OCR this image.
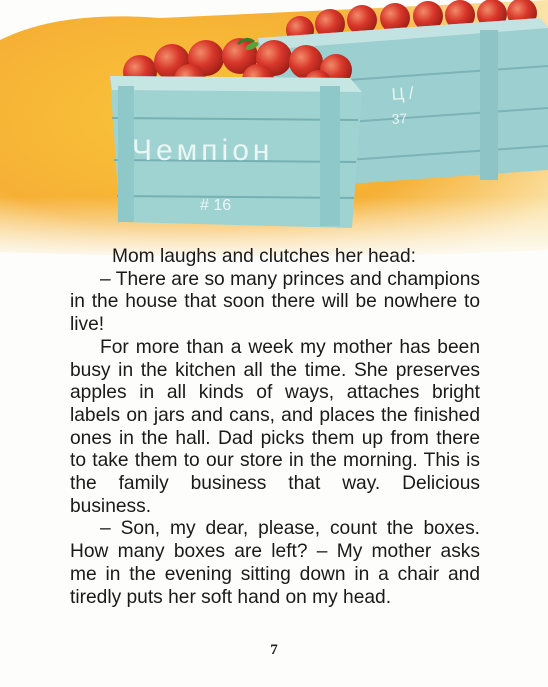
Ц /
37
Чемпіон
# 16

Mom laughs and clutches her head:

– There are so many princes and champions in the house that soon there will be nowhere to live!

For more than a week my mother has been busy in the kitchen all the time. She preserves apples in all kinds of ways, attaches bright labels on jars and cans, and places the finished ones in the hall. Dad picks them up from there to take them to our store in the morning. This is the family business that way. Delicious business.

– Son, my dear, please, count the boxes. How many boxes are left? – My mother asks me in the evening sitting down in a chair and tiredly puts her soft hand on my head.

7
